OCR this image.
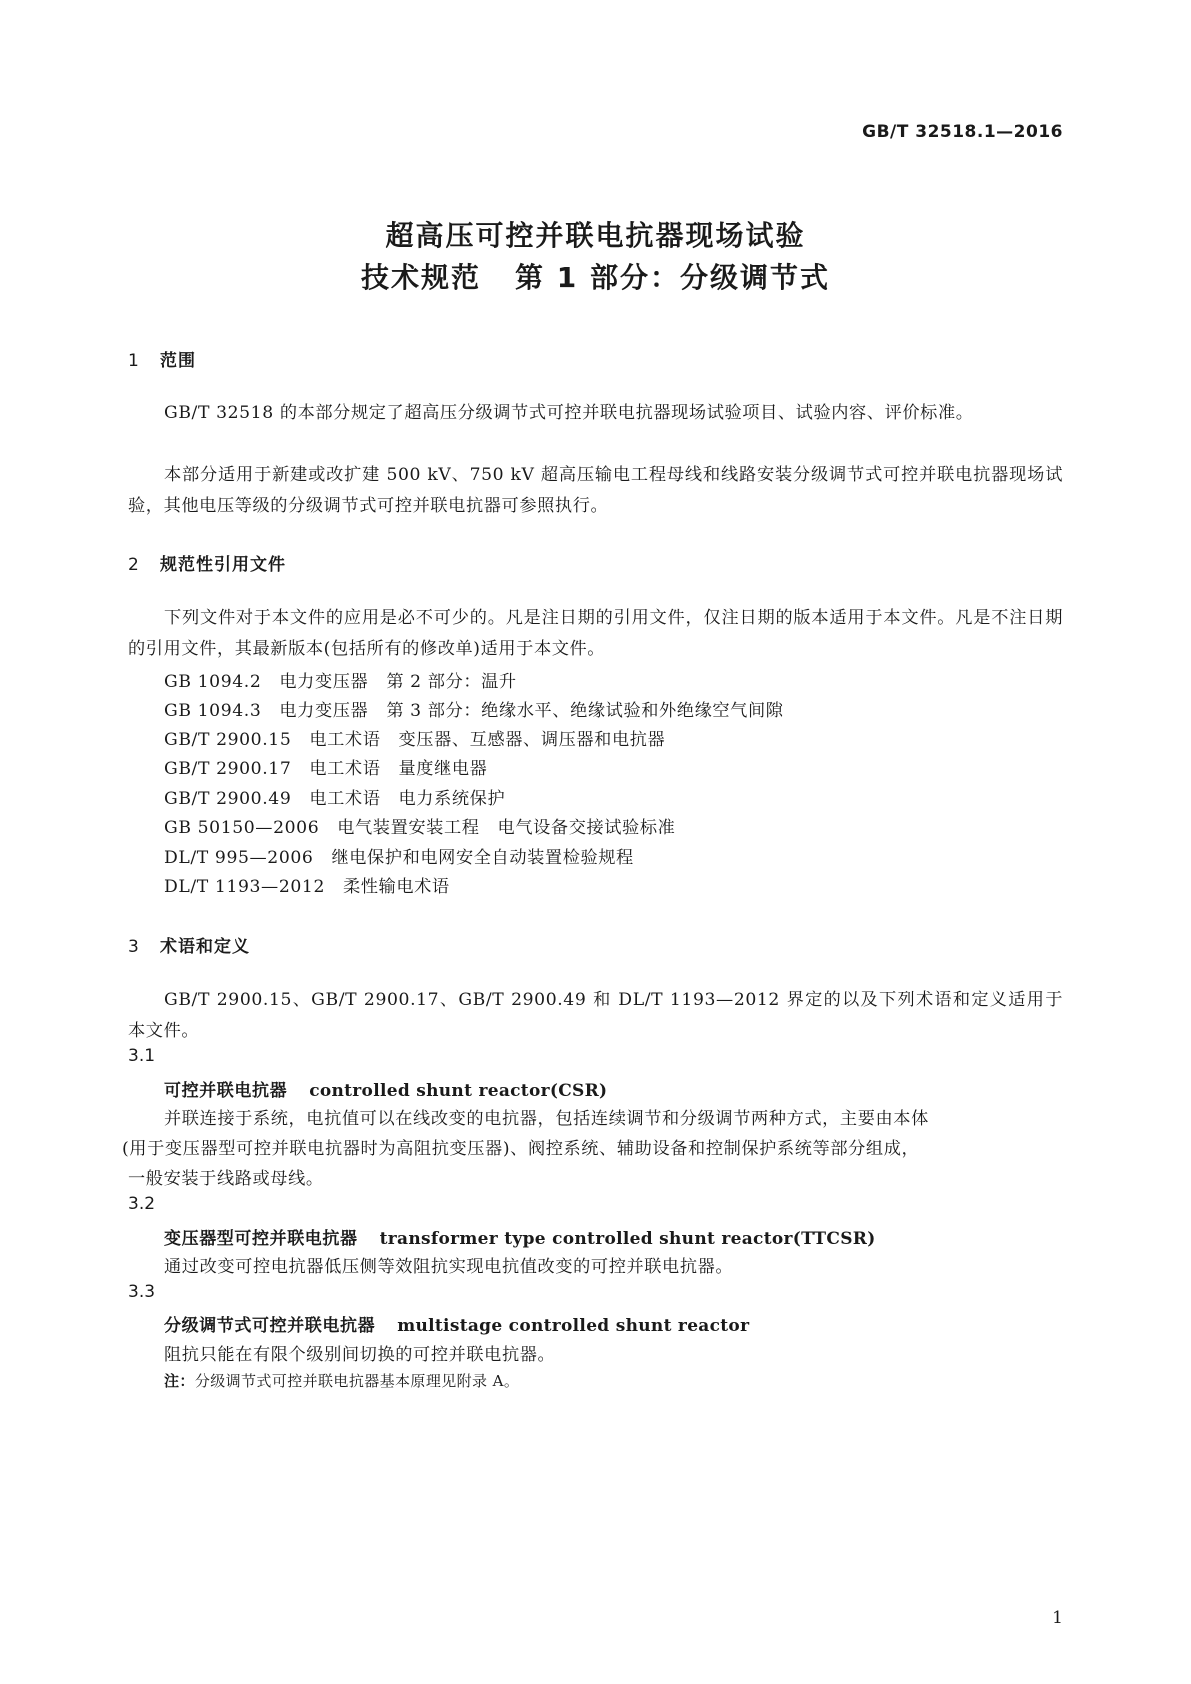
GB/T 32518.1—2016
超高压可控并联电抗器现场试验
技术规范 第 1 部分：分级调节式
1 范围

GB/T 32518 的本部分规定了超高压分级调节式可控并联电抗器现场试验项目、试验内容、评价标准。

本部分适用于新建或改扩建 500 kV、750 kV 超高压输电工程母线和线路安装分级调节式可控并联电抗器现场试验，其他电压等级的分级调节式可控并联电抗器可参照执行。

2 规范性引用文件

下列文件对于本文件的应用是必不可少的。凡是注日期的引用文件，仅注日期的版本适用于本文件。凡是不注日期的引用文件，其最新版本(包括所有的修改单)适用于本文件。

GB 1094.2 电力变压器 第 2 部分：温升
GB 1094.3 电力变压器 第 3 部分：绝缘水平、绝缘试验和外绝缘空气间隙
GB/T 2900.15 电工术语 变压器、互感器、调压器和电抗器
GB/T 2900.17 电工术语 量度继电器
GB/T 2900.49 电工术语 电力系统保护
GB 50150—2006 电气装置安装工程 电气设备交接试验标准
DL/T 995—2006 继电保护和电网安全自动装置检验规程
DL/T 1193—2012 柔性输电术语
3 术语和定义

GB/T 2900.15、GB/T 2900.17、GB/T 2900.49 和 DL/T 1193—2012 界定的以及下列术语和定义适用于本文件。

3.1
可控并联电抗器 controlled shunt reactor(CSR)
并联连接于系统，电抗值可以在线改变的电抗器，包括连续调节和分级调节两种方式，主要由本体
(用于变压器型可控并联电抗器时为高阻抗变压器)、阀控系统、辅助设备和控制保护系统等部分组成，
一般安装于线路或母线。
3.2
变压器型可控并联电抗器 transformer type controlled shunt reactor(TTCSR)
通过改变可控电抗器低压侧等效阻抗实现电抗值改变的可控并联电抗器。
3.3
分级调节式可控并联电抗器 multistage controlled shunt reactor
阻抗只能在有限个级别间切换的可控并联电抗器。
注：分级调节式可控并联电抗器基本原理见附录 A。
1
